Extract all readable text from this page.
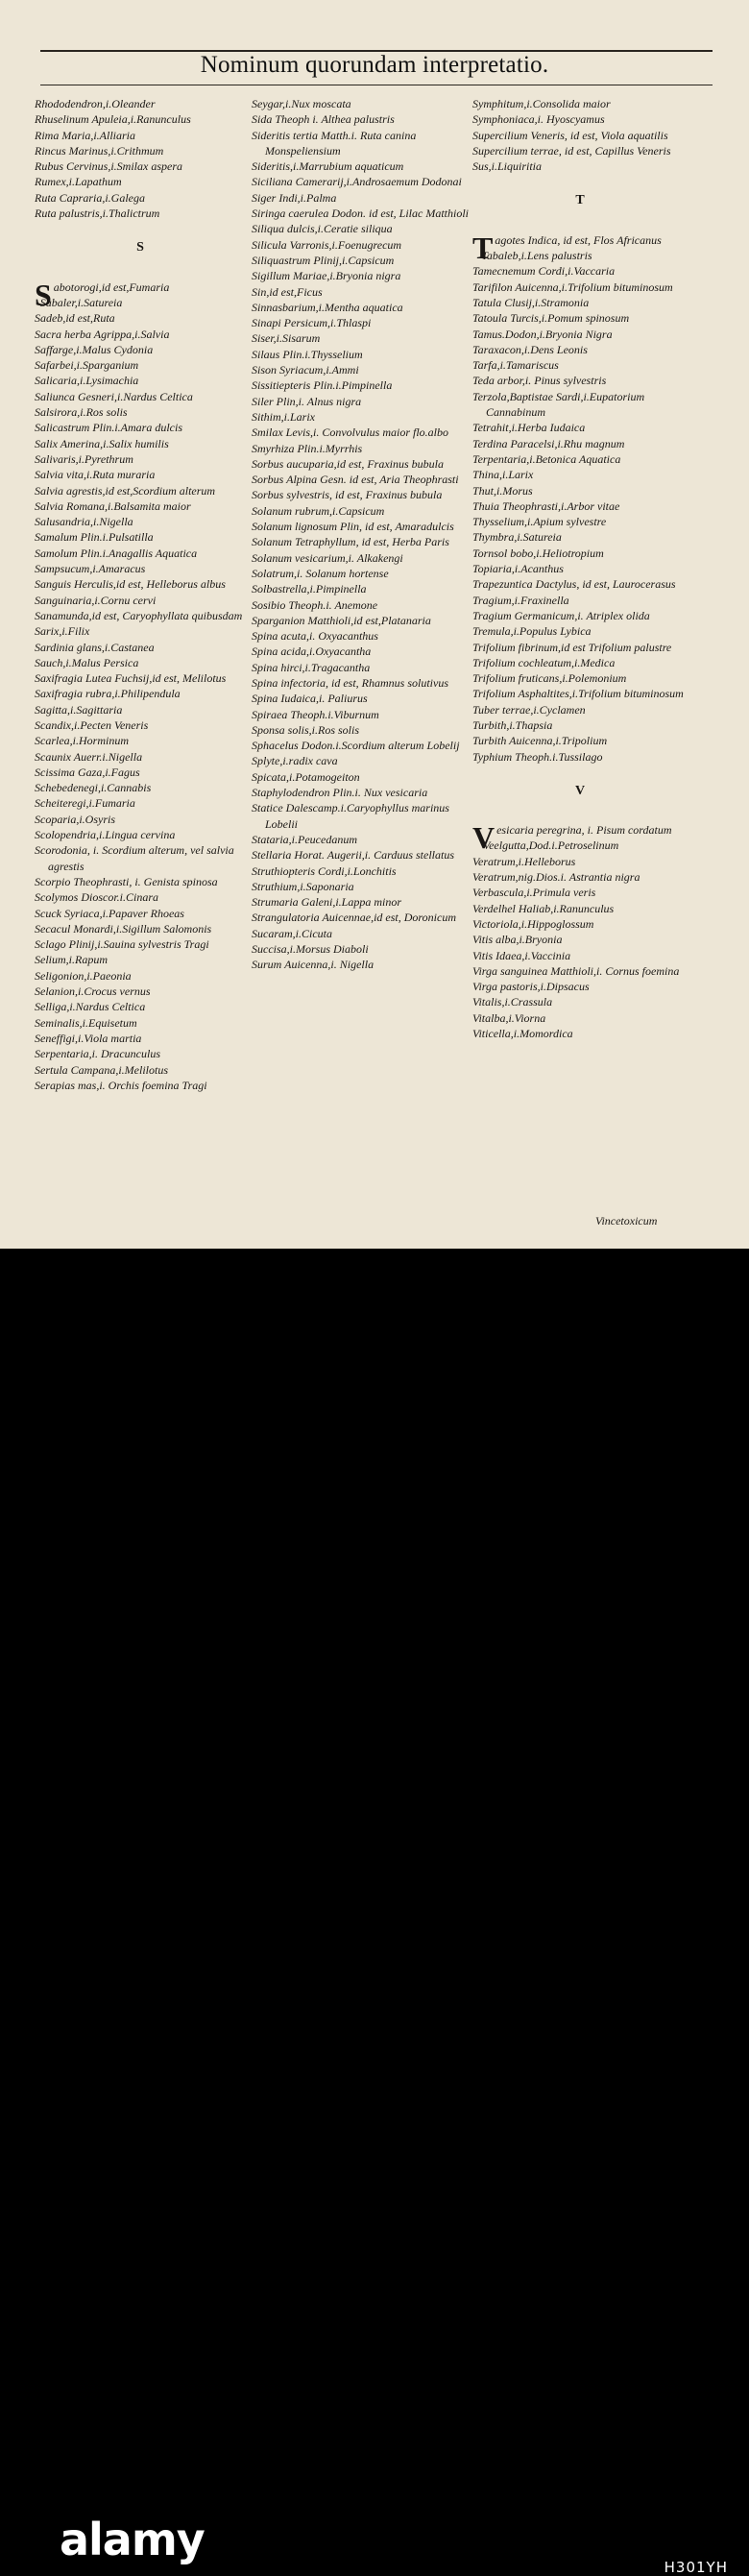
Nominum quorundam interpretatio.
Rhododendron,i.Oleander
Rhuselinum Apuleia,i.Ranunculus
Rima Maria,i.Alliaria
Rincus Marinus,i.Crithmum
Rubus Cervinus,i.Smilax aspera
Rumex,i.Lapathum
Ruta Capraria,i.Galega
Ruta palustris,i.Thalictrum
S
Sabotorogi,id est,Fumaria
Sabaler,i.Satureia
Sadeb,id est,Ruta
Sacra herba Agrippa,i.Salvia
Saffarge,i.Malus Cydonia
Safarbei,i.Sparganium
Salicaria,i.Lysimachia
Saliunca Gesneri,i.Nardus Celtica
Salsirora,i.Ros solis
Salicastrum Plin.i.Amara dulcis
Salix Amerina,i.Salix humilis
Salivaris,i.Pyrethrum
Salvia vita,i.Ruta muraria
Salvia agrestis,id est,Scordium alterum
Salvia Romana,i.Balsamita maior
Salusandria,i.Nigella
Samalum Plin.i.Pulsatilla
Samolum Plin.i.Anagallis Aquatica
Sampsucum,i.Amaracus
Sanguis Herculis,id est, Helleborus albus
Sanguinaria,i.Cornu cervi
Sanamunda,id est, Caryophyllata quibusdam
Sarix,i.Filix
Sardinia glans,i.Castanea
Sauch,i.Malus Persica
Saxifragia Lutea Fuchsij,id est, Melilotus
Saxifragia rubra,i.Philipendula
Sagitta,i.Sagittaria
Scandix,i.Pecten Veneris
Scarlea,i.Horminum
Scaunix Auerr.i.Nigella
Scissima Gaza,i.Fagus
Schebedenegi,i.Cannabis
Scheiteregi,i.Fumaria
Scoparia,i.Osyris
Scolopendria,i.Lingua cervina
Scorodonia, i. Scordium alterum, vel salvia agrestis
Scorpio Theophrasti, i. Genista spinosa
Scolymos Dioscor.i.Cinara
Scuck Syriaca,i.Papaver Rhoeas
Secacul Monardi,i.Sigillum Salomonis
Sclago Plinij,i.Sauina sylvestris Tragi
Selium,i.Rapum
Seligonion,i.Paeonia
Selanion,i.Crocus vernus
Selliga,i.Nardus Celtica
Seminalis,i.Equisetum
Seneffigi,i.Viola martia
Serpentaria,i. Dracunculus
Sertula Campana,i.Melilotus
Serapias mas,i. Orchis foemina Tragi
Seygar,i.Nux moscata
Sida Theoph i. Althea palustris
Sideritis tertia Matth.i. Ruta canina Monspeliensium
Sideritis,i.Marrubium aquaticum
Siciliana Camerarij,i.Androsaemum Dodonai
Siger Indi,i.Palma
Siringa caerulea Dodon. id est, Lilac Matthioli
Siliqua dulcis,i.Ceratie siliqua
Silicula Varronis,i.Foenugrecum
Siliquastrum Plinij,i.Capsicum
Sigillum Mariae,i.Bryonia nigra
Sin,id est,Ficus
Sinnasbarium,i.Mentha aquatica
Sinapi Persicum,i.Thlaspi
Siser,i.Sisarum
Silaus Plin.i.Thysselium
Sison Syriacum,i.Ammi
Sissitiepteris Plin.i.Pimpinella
Siler Plin,i. Alnus nigra
Sithim,i.Larix
Smilax Levis,i. Convolvulus maior flo.albo
Smyrhiza Plin.i.Myrrhis
Sorbus aucuparia,id est, Fraxinus bubula
Sorbus Alpina Gesn. id est, Aria Theophrasti
Sorbus sylvestris, id est, Fraxinus bubula
Solanum rubrum,i.Capsicum
Solanum lignosum Plin, id est, Amaradulcis
Solanum Tetraphyllum, id est, Herba Paris
Solanum vesicarium,i. Alkakengi
Solatrum,i. Solanum hortense
Solbastrella,i.Pimpinella
Sosibio Theoph.i. Anemone
Sparganion Matthioli,id est,Platanaria
Spina acuta,i. Oxyacanthus
Spina acida,i.Oxyacantha
Spina hirci,i.Tragacantha
Spina infectoria, id est, Rhamnus solutivus
Spina Iudaica,i. Paliurus
Spiraea Theoph.i.Viburnum
Sponsa solis,i.Ros solis
Sphacelus Dodon.i.Scordium alterum Lobelij
Splyte,i.radix cava
Spicata,i.Potamogeiton
Staphylodendron Plin.i. Nux vesicaria
Statice Dalescamp.i.Caryophyllus marinus Lobelii
Stataria,i.Peucedanum
Stellaria Horat. Augerii,i. Carduus stellatus
Struthiopteris Cordi,i.Lonchitis
Struthium,i.Saponaria
Strumaria Galeni,i.Lappa minor
Strangulatoria Auicennae,id est, Doronicum
Sucaram,i.Cicuta
Succisa,i.Morsus Diaboli
Surum Auicenna,i. Nigella
Symphitum,i.Consolida maior
Symphoniaca,i. Hyoscyamus
Supercilium Veneris, id est, Viola aquatilis
Supercilium terrae, id est, Capillus Veneris
Sus,i.Liquiritia
T
Tagotes Indica, id est, Flos Africanus
Tabaleb,i.Lens palustris
Tamecnemum Cordi,i.Vaccaria
Tarifilon Auicenna,i.Trifolium bituminosum
Tatula Clusij,i.Stramonia
Tatoula Turcis,i.Pomum spinosum
Tamus.Dodon,i.Bryonia Nigra
Taraxacon,i.Dens Leonis
Tarfa,i.Tamariscus
Teda arbor,i. Pinus sylvestris
Terzola,Baptistae Sardi,i.Eupatorium Cannabinum
Tetrahit,i.Herba Iudaica
Terdina Paracelsi,i.Rhu magnum
Terpentaria,i.Betonica Aquatica
Thina,i.Larix
Thut,i.Morus
Thuia Theophrasti,i.Arbor vitae
Thysselium,i.Apium sylvestre
Thymbra,i.Satureia
Tornsol bobo,i.Heliotropium
Topiaria,i.Acanthus
Trapezuntica Dactylus, id est, Laurocerasus
Tragium,i.Fraxinella
Tragium Germanicum,i. Atriplex olida
Tremula,i.Populus Lybica
Trifolium fibrinum,id est Trifolium palustre
Trifolium cochleatum,i.Medica
Trifolium fruticans,i.Polemonium
Trifolium Asphaltites,i.Trifolium bituminosum
Tuber terrae,i.Cyclamen
Turbith,i.Thapsia
Turbith Auicenna,i.Tripolium
Typhium Theoph.i.Tussilago
V
Vesicaria peregrina, i. Pisum cordatum
Veelgutta,Dod.i.Petroselinum
Veratrum,i.Helleborus
Veratrum,nig.Dios.i. Astrantia nigra
Verbascula,i.Primula veris
Verdelhel Haliab,i.Ranunculus
Victoriola,i.Hippoglossum
Vitis alba,i.Bryonia
Vitis Idaea,i.Vaccinia
Virga sanguinea Matthioli,i. Cornus foemina
Virga pastoris,i.Dipsacus
Vitalis,i.Crassula
Vitalba,i.Viorna
Viticella,i.Momordica
Vincetoxicum
alamy
H301YH
